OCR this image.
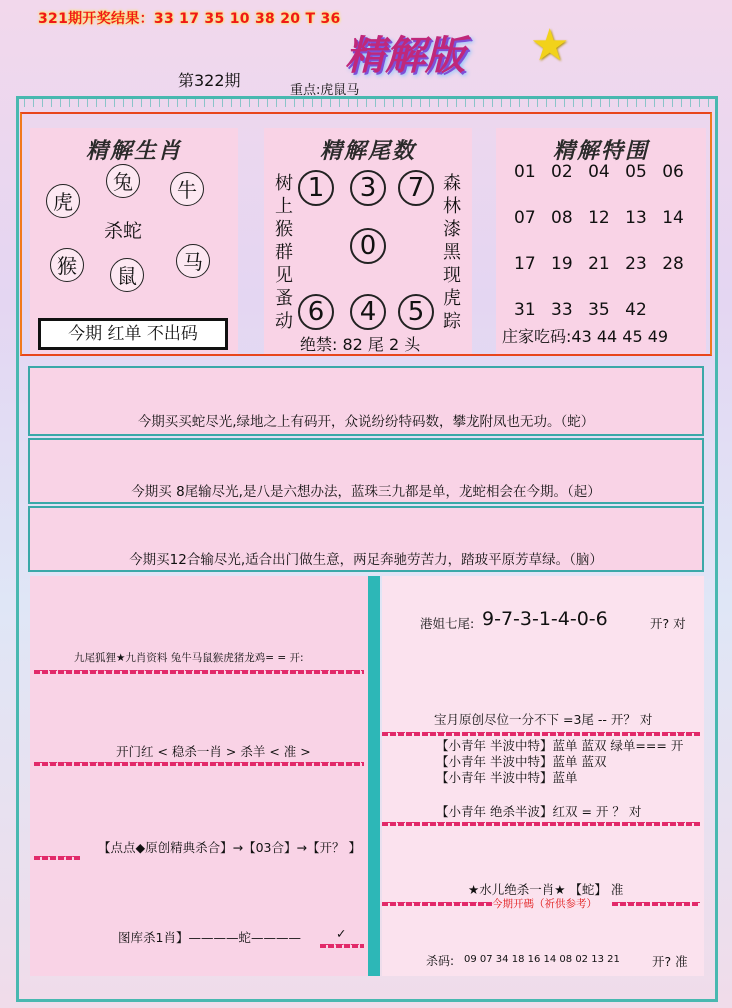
321期开奖结果：33 17 35 10 38 20 T 36
精解版 ★
第322期
重点:虎鼠马
精解生肖
兔	牛
虎
杀蛇
猴	鼠
马
今期 红单 不出码
精解尾数
树
上
猴
群
见
蚤
动
森
林
漆
黑
现
虎
踪
1	3	7
0
6	4	5
绝禁: 82 尾 2 头
精解特围
01 02 04 05 06
07 08 12 13 14
17 19 21 23 28
31 33 35 42
庄家吃码:43 44 45 49
今期买买蛇尽光,绿地之上有码开，众说纷纷特码数，攀龙附凤也无功。（蛇）
今期买 8尾输尽光,是八是六想办法，蓝珠三九都是单，龙蛇相会在今期。（起）
今期买12合输尽光,适合出门做生意，两足奔驰劳苦力，踏玻平原芳草绿。（脑）
九尾狐狸★九肖资料 兔牛马鼠猴虎猪龙鸡= = 开:
开门红 < 稳杀一肖 > 杀羊 < 准 >
【点点◆原创精典杀合】→【03合】→【开？ 】
图库杀1肖】————蛇————	✓
港姐七尾: 9-7-3-1-4-0-6	开? 对
宝月原创尽位一分不下 =3尾 -- 开？ 对
【小青年 半波中特】蓝单 蓝双 绿单=== 开
【小青年 半波中特】蓝单 蓝双
【小青年 半波中特】蓝单
【小青年 绝杀半波】红双 = 开 ？ 对
★水儿绝杀一肖★ 【蛇】 准
今期开碼（祈供参考）
杀码: 09 07 34 18 16 14 08 02 13 21	开? 准
